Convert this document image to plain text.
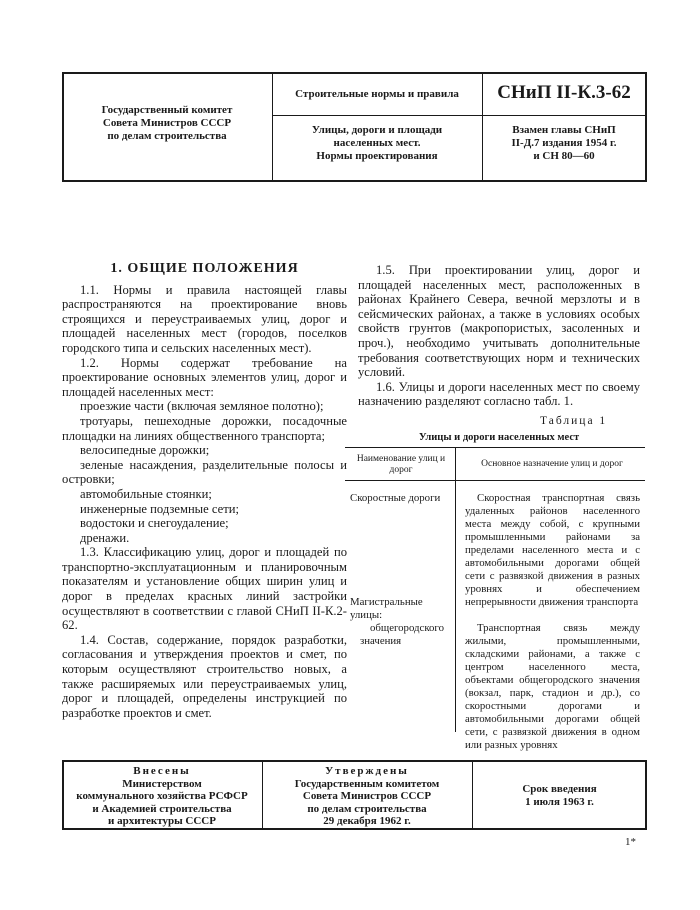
Государственный комитет
Совета Министров СССР
по делам строительства
Строительные нормы и правила	СНиП II-К.3-62
Улицы, дороги и площади
населенных мест.
Нормы проектирования
Взамен главы СНиП
II-Д.7 издания 1954 г.
и СН 80—60
1. ОБЩИЕ ПОЛОЖЕНИЯ

1.1. Нормы и правила настоящей главы распространяются на проектирование вновь строящихся и переустраиваемых улиц, дорог и площадей населенных мест (городов, поселков городского типа и сельских населенных мест).

1.2. Нормы содержат требование на проектирование основных элементов улиц, дорог и площадей населенных мест:

проезжие части (включая земляное полотно);

тротуары, пешеходные дорожки, посадочные площадки на линиях общественного транспорта;

велосипедные дорожки;

зеленые насаждения, разделительные полосы и островки;

автомобильные стоянки;

инженерные подземные сети;

водостоки и снегоудаление;

дренажи.

1.3. Классификацию улиц, дорог и площадей по транспортно-эксплуатационным и планировочным показателям и установление общих ширин улиц и дорог в пределах красных линий застройки осуществляют в соответствии с главой СНиП II-К.2-62.

1.4. Состав, содержание, порядок разработки, согласования и утверждения проектов и смет, по которым осуществляют строительство новых, а также расширяемых или переустраиваемых улиц, дорог и площадей, определены инструкцией по разработке проектов и смет.

1.5. При проектировании улиц, дорог и площадей населенных мест, расположенных в районах Крайнего Севера, вечной мерзлоты и в сейсмических районах, а также в условиях особых свойств грунтов (макропористых, засоленных и проч.), необходимо учитывать дополнительные требования соответствующих норм и технических условий.

1.6. Улицы и дороги населенных мест по своему назначению разделяют согласно табл. 1.

Таблица 1
Улицы и дороги населенных мест
Наименование улиц и дорог
Основное назначение улиц и дорог
Скоростные дороги	Скоростная транспортная связь удаленных районов населенного места между собой, с крупными промышленными районами за пределами населенного места и с автомобильными дорогами общей сети с развязкой движения в разных уровнях и обеспечением непрерывности движения транспорта
Магистральные улицы:
общегородского значения
Транспортная связь между жилыми, промышленными, складскими районами, а также с центром населенного места, объектами общегородского значения (вокзал, парк, стадион и др.), со скоростными дорогами и автомобильными дорогами общей сети, с развязкой движения в одном или разных уровнях
Внесены
Министерством
коммунального хозяйства РСФСР
и Академией строительства
и архитектуры СССР
Утверждены
Государственным комитетом
Совета Министров СССР
по делам строительства
29 декабря 1962 г.
Срок введения
1 июля 1963 г.
1*
